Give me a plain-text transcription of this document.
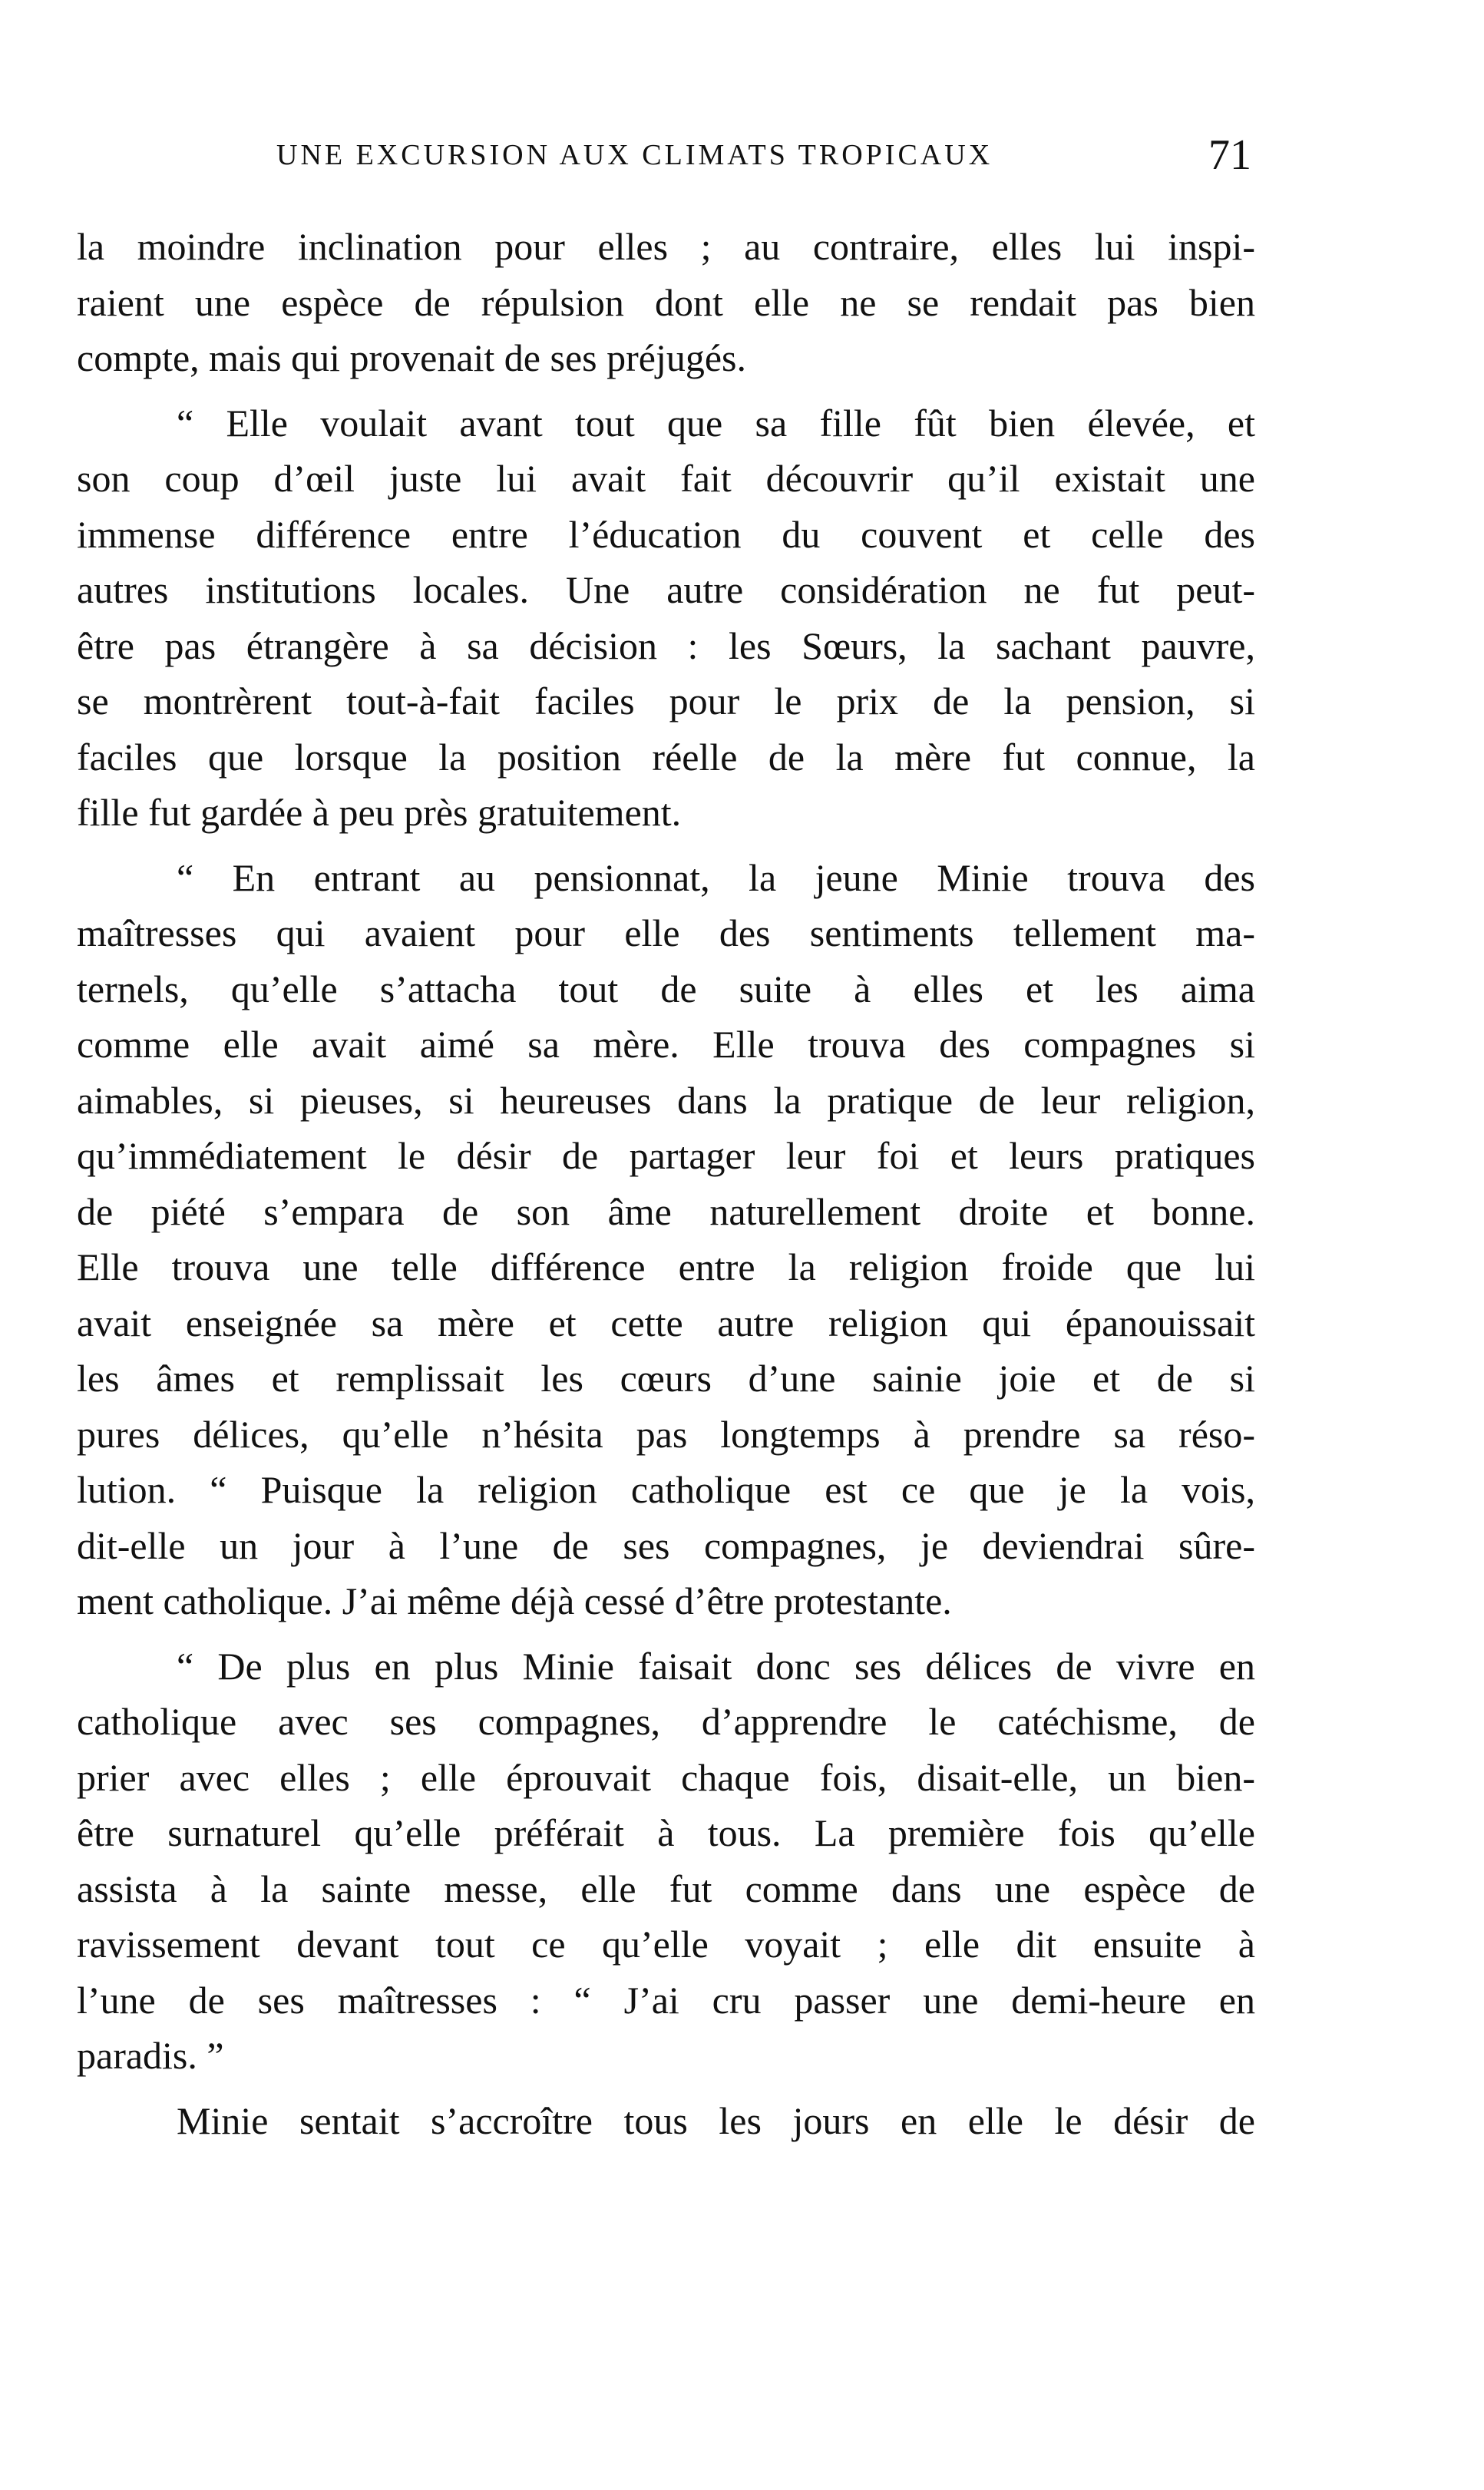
UNE EXCURSION AUX CLIMATS TROPICAUX	71
la moindre inclination pour elles ; au contraire, elles lui inspi-
raient une espèce de répulsion dont elle ne se rendait pas bien
compte, mais qui provenait de ses préjugés.
“ Elle voulait avant tout que sa fille fût bien élevée, et
son coup d’œil juste lui avait fait découvrir qu’il existait une
immense différence entre l’éducation du couvent et celle des
autres institutions locales. Une autre considération ne fut peut-
être pas étrangère à sa décision : les Sœurs, la sachant pauvre,
se montrèrent tout-à-fait faciles pour le prix de la pension, si
faciles que lorsque la position réelle de la mère fut connue, la
fille fut gardée à peu près gratuitement.
“ En entrant au pensionnat, la jeune Minie trouva des
maîtresses qui avaient pour elle des sentiments tellement ma-
ternels, qu’elle s’attacha tout de suite à elles et les aima
comme elle avait aimé sa mère. Elle trouva des compagnes si
aimables, si pieuses, si heureuses dans la pratique de leur religion,
qu’immédiatement le désir de partager leur foi et leurs pratiques
de piété s’empara de son âme naturellement droite et bonne.
Elle trouva une telle différence entre la religion froide que lui
avait enseignée sa mère et cette autre religion qui épanouissait
les âmes et remplissait les cœurs d’une sainie joie et de si
pures délices, qu’elle n’hésita pas longtemps à prendre sa réso-
lution. “ Puisque la religion catholique est ce que je la vois,
dit-elle un jour à l’une de ses compagnes, je deviendrai sûre-
ment catholique. J’ai même déjà cessé d’être protestante.
“ De plus en plus Minie faisait donc ses délices de vivre en
catholique avec ses compagnes, d’apprendre le catéchisme, de
prier avec elles ; elle éprouvait chaque fois, disait-elle, un bien-
être surnaturel qu’elle préférait à tous. La première fois qu’elle
assista à la sainte messe, elle fut comme dans une espèce de
ravissement devant tout ce qu’elle voyait ; elle dit ensuite à
l’une de ses maîtresses : “ J’ai cru passer une demi-heure en
paradis. ”
Minie sentait s’accroître tous les jours en elle le désir de
